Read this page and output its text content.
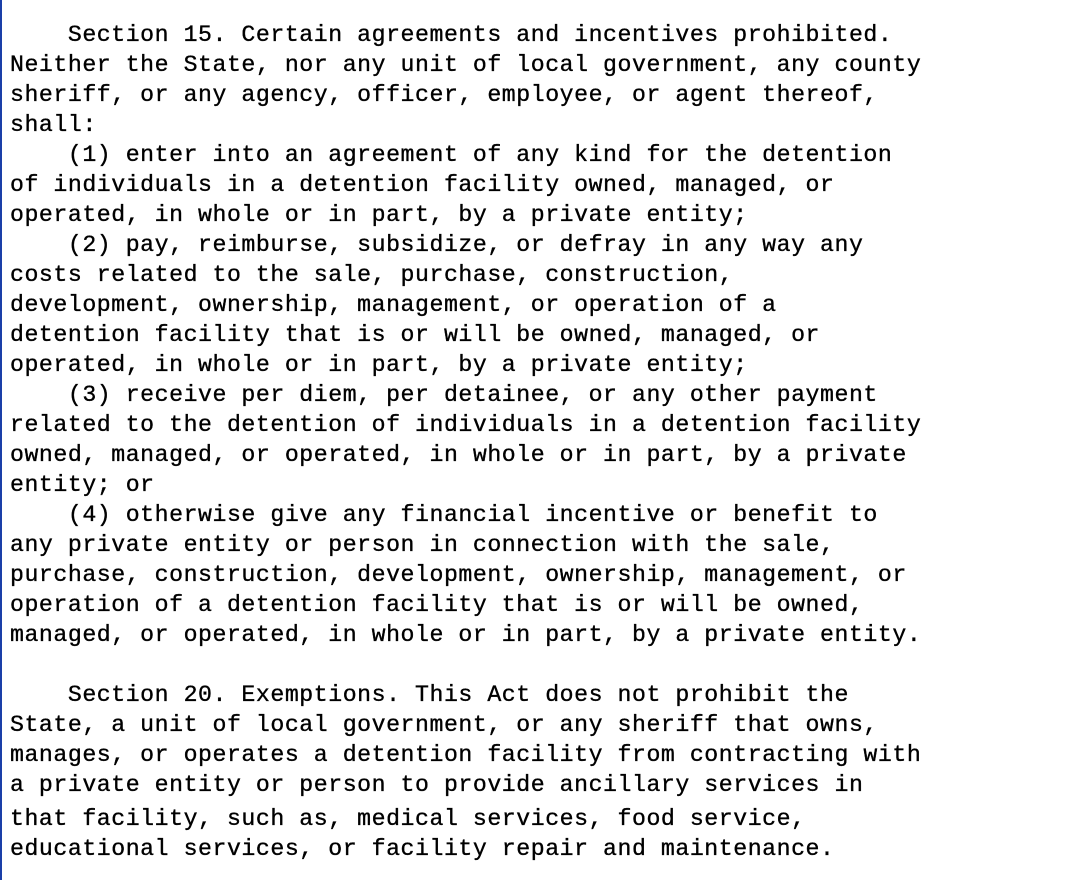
Section 15. Certain agreements and incentives prohibited.
Neither the State, nor any unit of local government, any county
sheriff, or any agency, officer, employee, or agent thereof,
shall:
(1) enter into an agreement of any kind for the detention
of individuals in a detention facility owned, managed, or
operated, in whole or in part, by a private entity;
(2) pay, reimburse, subsidize, or defray in any way any
costs related to the sale, purchase, construction,
development, ownership, management, or operation of a
detention facility that is or will be owned, managed, or
operated, in whole or in part, by a private entity;
(3) receive per diem, per detainee, or any other payment
related to the detention of individuals in a detention facility
owned, managed, or operated, in whole or in part, by a private
entity; or
(4) otherwise give any financial incentive or benefit to
any private entity or person in connection with the sale,
purchase, construction, development, ownership, management, or
operation of a detention facility that is or will be owned,
managed, or operated, in whole or in part, by a private entity.
Section 20. Exemptions. This Act does not prohibit the
State, a unit of local government, or any sheriff that owns,
manages, or operates a detention facility from contracting with
a private entity or person to provide ancillary services in
that facility, such as, medical services, food service,
educational services, or facility repair and maintenance.
